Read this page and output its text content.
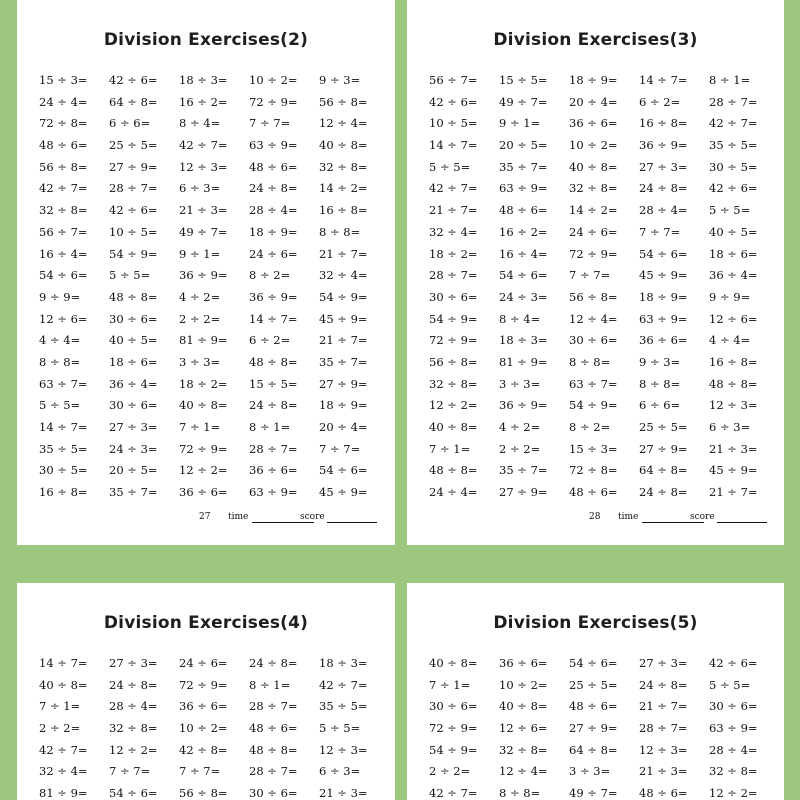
Division Exercises(2)
15 ÷ 3=	42 ÷ 6=	18 ÷ 3=	10 ÷ 2=	9 ÷ 3=
24 ÷ 4=	64 ÷ 8=	16 ÷ 2=	72 ÷ 9=	56 ÷ 8=
72 ÷ 8=	6 ÷ 6=	8 ÷ 4=	7 ÷ 7=	12 ÷ 4=
48 ÷ 6=	25 ÷ 5=	42 ÷ 7=	63 ÷ 9=	40 ÷ 8=
56 ÷ 8=	27 ÷ 9=	12 ÷ 3=	48 ÷ 6=	32 ÷ 8=
42 ÷ 7=	28 ÷ 7=	6 ÷ 3=	24 ÷ 8=	14 ÷ 2=
32 ÷ 8=	42 ÷ 6=	21 ÷ 3=	28 ÷ 4=	16 ÷ 8=
56 ÷ 7=	10 ÷ 5=	49 ÷ 7=	18 ÷ 9=	8 ÷ 8=
16 ÷ 4=	54 ÷ 9=	9 ÷ 1=	24 ÷ 6=	21 ÷ 7=
54 ÷ 6=	5 ÷ 5=	36 ÷ 9=	8 ÷ 2=	32 ÷ 4=
9 ÷ 9=	48 ÷ 8=	4 ÷ 2=	36 ÷ 9=	54 ÷ 9=
12 ÷ 6=	30 ÷ 6=	2 ÷ 2=	14 ÷ 7=	45 ÷ 9=
4 ÷ 4=	40 ÷ 5=	81 ÷ 9=	6 ÷ 2=	21 ÷ 7=
8 ÷ 8=	18 ÷ 6=	3 ÷ 3=	48 ÷ 8=	35 ÷ 7=
63 ÷ 7=	36 ÷ 4=	18 ÷ 2=	15 ÷ 5=	27 ÷ 9=
5 ÷ 5=	30 ÷ 6=	40 ÷ 8=	24 ÷ 8=	18 ÷ 9=
14 ÷ 7=	27 ÷ 3=	7 ÷ 1=	8 ÷ 1=	20 ÷ 4=
35 ÷ 5=	24 ÷ 3=	72 ÷ 9=	28 ÷ 7=	7 ÷ 7=
30 ÷ 5=	20 ÷ 5=	12 ÷ 2=	36 ÷ 6=	54 ÷ 6=
16 ÷ 8=	35 ÷ 7=	36 ÷ 6=	63 ÷ 9=	45 ÷ 9=
27 time	score
Division Exercises(3)
56 ÷ 7=	15 ÷ 5=	18 ÷ 9=	14 ÷ 7=	8 ÷ 1=
42 ÷ 6=	49 ÷ 7=	20 ÷ 4=	6 ÷ 2=	28 ÷ 7=
10 ÷ 5=	9 ÷ 1=	36 ÷ 6=	16 ÷ 8=	42 ÷ 7=
14 ÷ 7=	20 ÷ 5=	10 ÷ 2=	36 ÷ 9=	35 ÷ 5=
5 ÷ 5=	35 ÷ 7=	40 ÷ 8=	27 ÷ 3=	30 ÷ 5=
42 ÷ 7=	63 ÷ 9=	32 ÷ 8=	24 ÷ 8=	42 ÷ 6=
21 ÷ 7=	48 ÷ 6=	14 ÷ 2=	28 ÷ 4=	5 ÷ 5=
32 ÷ 4=	16 ÷ 2=	24 ÷ 6=	7 ÷ 7=	40 ÷ 5=
18 ÷ 2=	16 ÷ 4=	72 ÷ 9=	54 ÷ 6=	18 ÷ 6=
28 ÷ 7=	54 ÷ 6=	7 ÷ 7=	45 ÷ 9=	36 ÷ 4=
30 ÷ 6=	24 ÷ 3=	56 ÷ 8=	18 ÷ 9=	9 ÷ 9=
54 ÷ 9=	8 ÷ 4=	12 ÷ 4=	63 ÷ 9=	12 ÷ 6=
72 ÷ 9=	18 ÷ 3=	30 ÷ 6=	36 ÷ 6=	4 ÷ 4=
56 ÷ 8=	81 ÷ 9=	8 ÷ 8=	9 ÷ 3=	16 ÷ 8=
32 ÷ 8=	3 ÷ 3=	63 ÷ 7=	8 ÷ 8=	48 ÷ 8=
12 ÷ 2=	36 ÷ 9=	54 ÷ 9=	6 ÷ 6=	12 ÷ 3=
40 ÷ 8=	4 ÷ 2=	8 ÷ 2=	25 ÷ 5=	6 ÷ 3=
7 ÷ 1=	2 ÷ 2=	15 ÷ 3=	27 ÷ 9=	21 ÷ 3=
48 ÷ 8=	35 ÷ 7=	72 ÷ 8=	64 ÷ 8=	45 ÷ 9=
24 ÷ 4=	27 ÷ 9=	48 ÷ 6=	24 ÷ 8=	21 ÷ 7=
28 time	score
Division Exercises(4)
14 ÷ 7=	27 ÷ 3=	24 ÷ 6=	24 ÷ 8=	18 ÷ 3=
40 ÷ 8=	24 ÷ 8=	72 ÷ 9=	8 ÷ 1=	42 ÷ 7=
7 ÷ 1=	28 ÷ 4=	36 ÷ 6=	28 ÷ 7=	35 ÷ 5=
2 ÷ 2=	32 ÷ 8=	10 ÷ 2=	48 ÷ 6=	5 ÷ 5=
42 ÷ 7=	12 ÷ 2=	42 ÷ 8=	48 ÷ 8=	12 ÷ 3=
32 ÷ 4=	7 ÷ 7=	7 ÷ 7=	28 ÷ 7=	6 ÷ 3=
81 ÷ 9=	54 ÷ 6=	56 ÷ 8=	30 ÷ 6=	21 ÷ 3=
Division Exercises(5)
40 ÷ 8=	36 ÷ 6=	54 ÷ 6=	27 ÷ 3=	42 ÷ 6=
7 ÷ 1=	10 ÷ 2=	25 ÷ 5=	24 ÷ 8=	5 ÷ 5=
30 ÷ 6=	40 ÷ 8=	48 ÷ 6=	21 ÷ 7=	30 ÷ 6=
72 ÷ 9=	12 ÷ 6=	27 ÷ 9=	28 ÷ 7=	63 ÷ 9=
54 ÷ 9=	32 ÷ 8=	64 ÷ 8=	12 ÷ 3=	28 ÷ 4=
2 ÷ 2=	12 ÷ 4=	3 ÷ 3=	21 ÷ 3=	32 ÷ 8=
42 ÷ 7=	8 ÷ 8=	49 ÷ 7=	48 ÷ 6=	12 ÷ 2=
